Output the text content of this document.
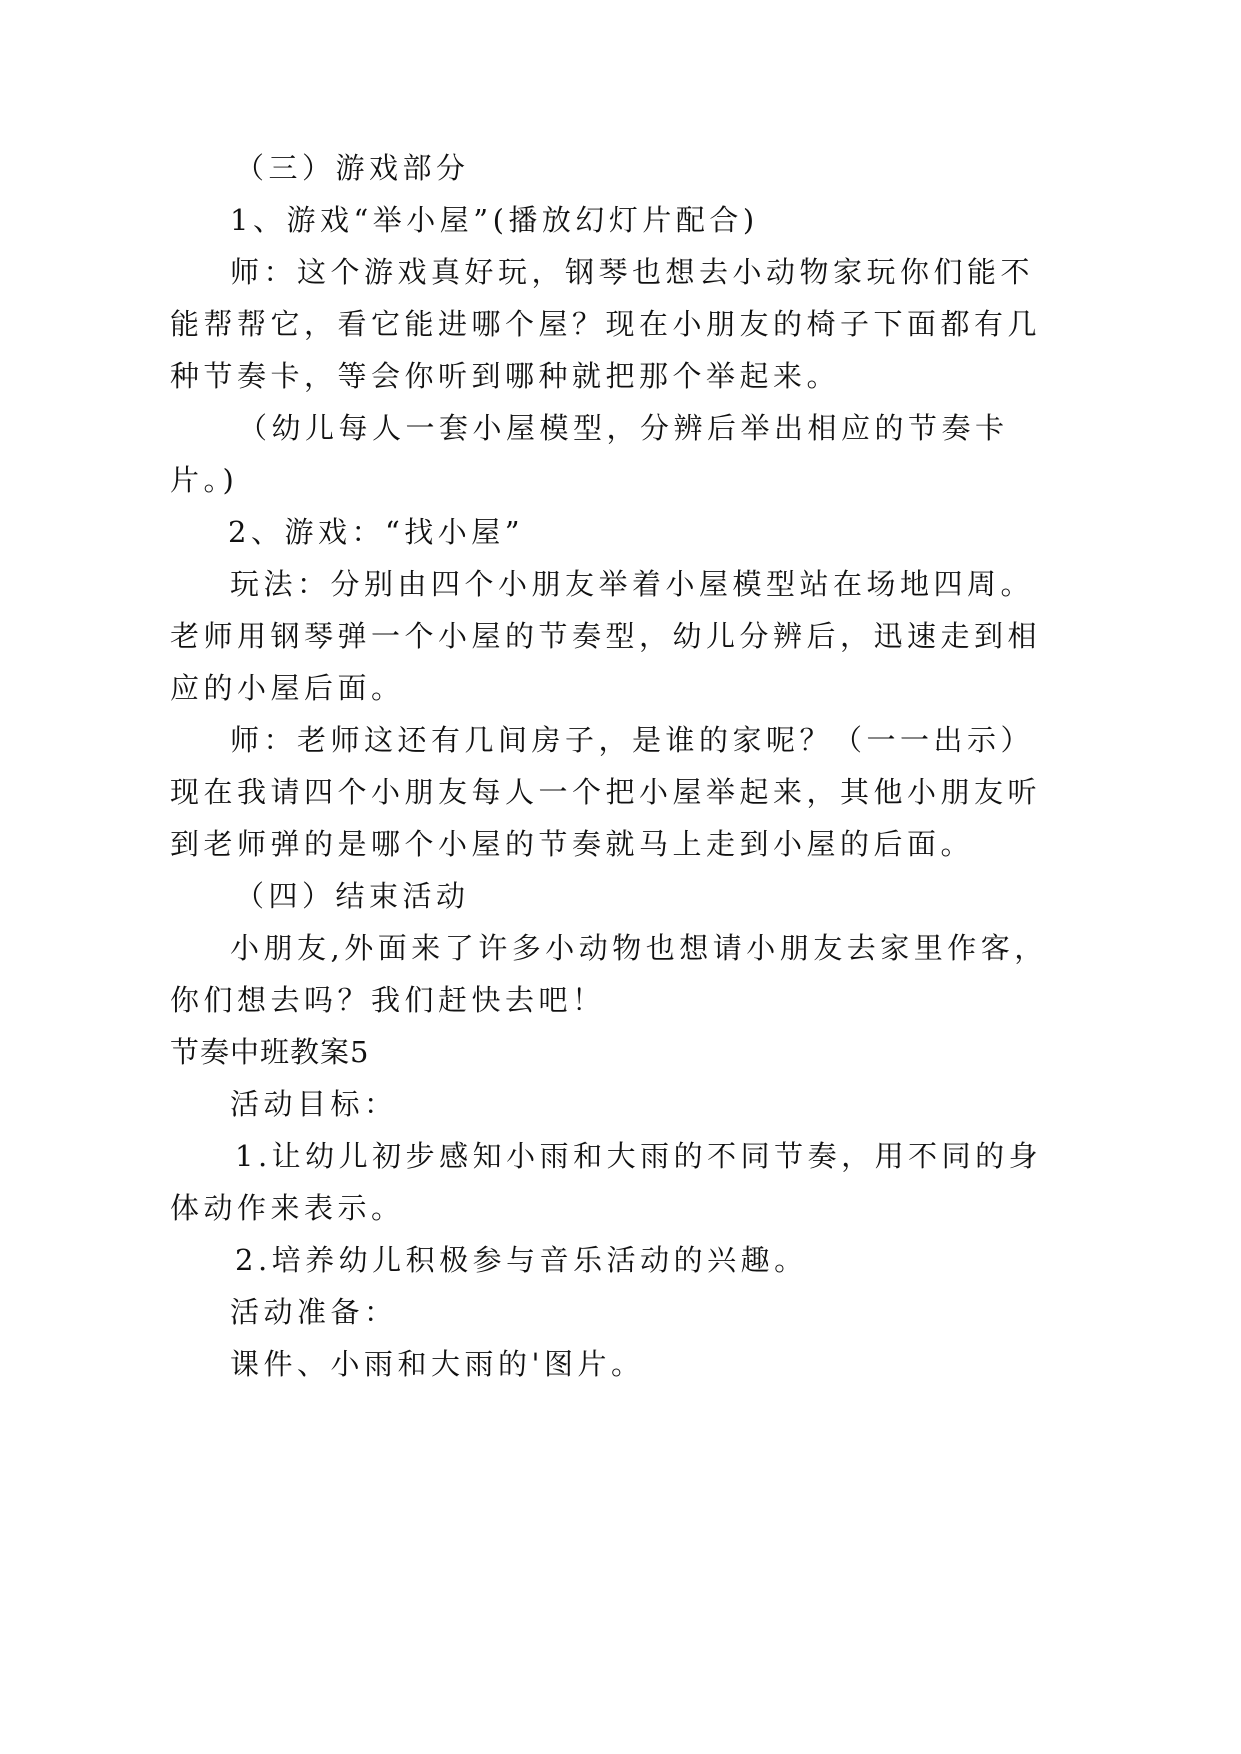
（三）游戏部分
1、游戏“举小屋”(播放幻灯片配合)
师：这个游戏真好玩，钢琴也想去小动物家玩你们能不
能帮帮它，看它能进哪个屋？现在小朋友的椅子下面都有几
种节奏卡，等会你听到哪种就把那个举起来。
（幼儿每人一套小屋模型，分辨后举出相应的节奏卡
片。)
2、游戏：“找小屋”
玩法：分别由四个小朋友举着小屋模型站在场地四周。
老师用钢琴弹一个小屋的节奏型，幼儿分辨后，迅速走到相
应的小屋后面。
师：老师这还有几间房子，是谁的家呢？（一一出示）
现在我请四个小朋友每人一个把小屋举起来，其他小朋友听
到老师弹的是哪个小屋的节奏就马上走到小屋的后面。
（四）结束活动
小朋友,外面来了许多小动物也想请小朋友去家里作客，
你们想去吗？我们赶快去吧！
节奏中班教案5
活动目标：
1.让幼儿初步感知小雨和大雨的不同节奏，用不同的身
体动作来表示。
2.培养幼儿积极参与音乐活动的兴趣。
活动准备：
课件、小雨和大雨的'图片。
